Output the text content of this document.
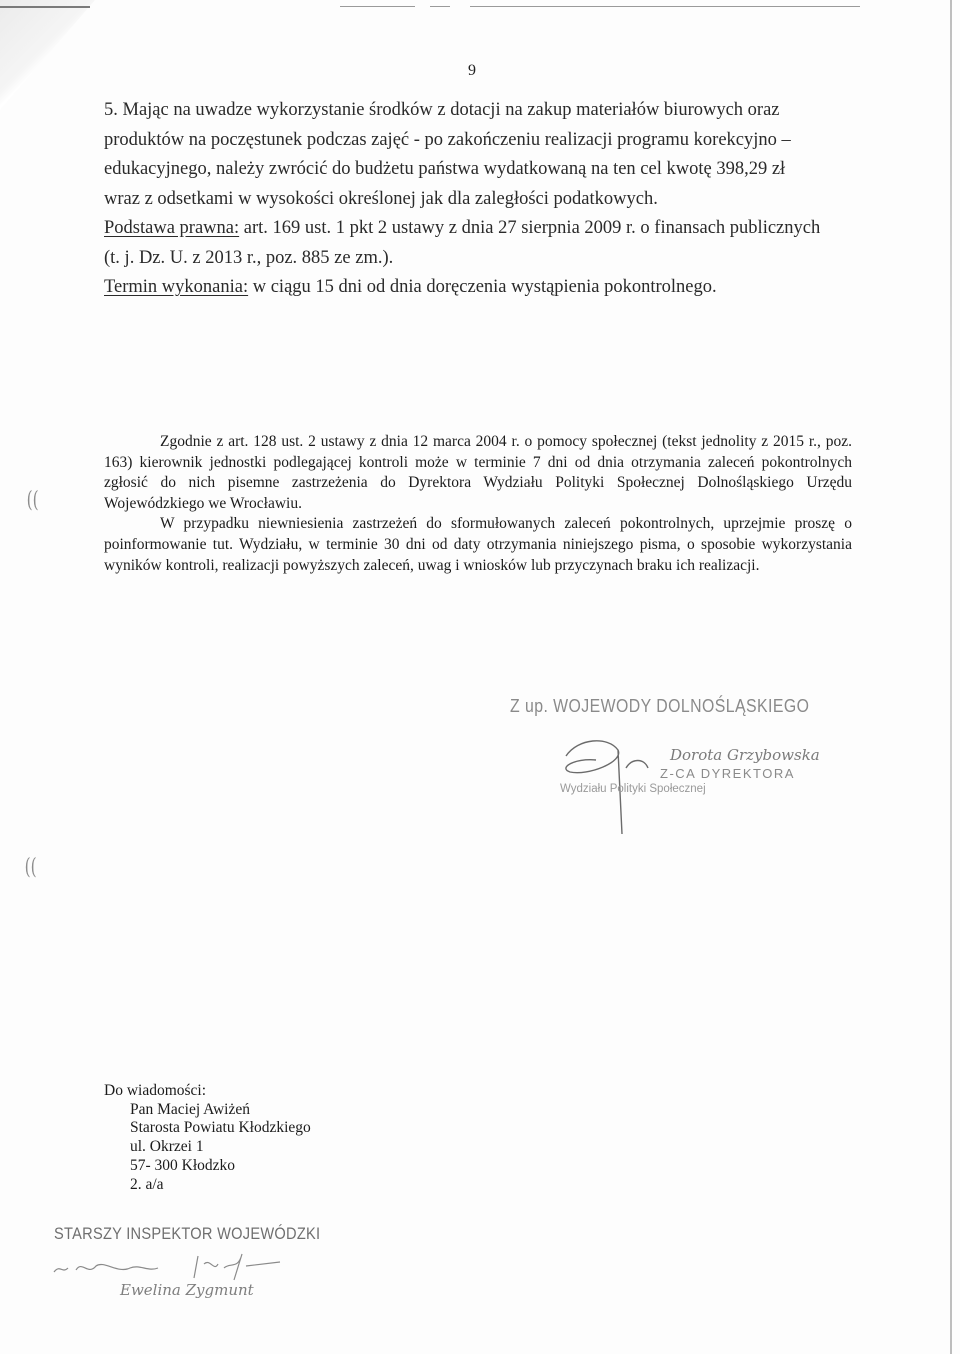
((
((
9

5. Mając na uwadze wykorzystanie środków z dotacji na zakup materiałów biurowych oraz

produktów na poczęstunek podczas zajęć - po zakończeniu realizacji programu korekcyjno –

edukacyjnego, należy zwrócić do budżetu państwa wydatkowaną na ten cel kwotę 398,29 zł

wraz z odsetkami w wysokości określonej jak dla zaległości podatkowych.

Podstawa prawna: art. 169 ust. 1 pkt 2 ustawy z dnia 27 sierpnia 2009 r. o finansach publicznych

(t. j. Dz. U. z 2013 r., poz. 885 ze zm.).

Termin wykonania: w ciągu 15 dni od dnia doręczenia wystąpienia pokontrolnego.

Zgodnie z art. 128 ust. 2 ustawy z dnia 12 marca 2004 r. o pomocy społecznej (tekst jednolity z 2015 r., poz. 163) kierownik jednostki podlegającej kontroli może w terminie 7 dni od dnia otrzymania zaleceń pokontrolnych zgłosić do nich pisemne zastrzeżenia do Dyrektora Wydziału Polityki Społecznej Dolnośląskiego Urzędu Wojewódzkiego we Wrocławiu.

W przypadku niewniesienia zastrzeżeń do sformułowanych zaleceń pokontrolnych, uprzejmie proszę o poinformowanie tut. Wydziału, w terminie 30 dni od daty otrzymania niniejszego pisma, o sposobie wykorzystania wyników kontroli, realizacji powyższych zaleceń, uwag i wniosków lub przyczynach braku ich realizacji.

Z up. WOJEWODY DOLNOŚLĄSKIEGO
Dorota Grzybowska
Z-CA DYREKTORA
Wydziału Polityki Społecznej

Do wiadomości:

Pan Maciej Awiżeń
Starosta Powiatu Kłodzkiego
ul. Okrzei 1
57- 300 Kłodzko
2. a/a
STARSZY INSPEKTOR WOJEWÓDZKI
Ewelina Zygmunt
